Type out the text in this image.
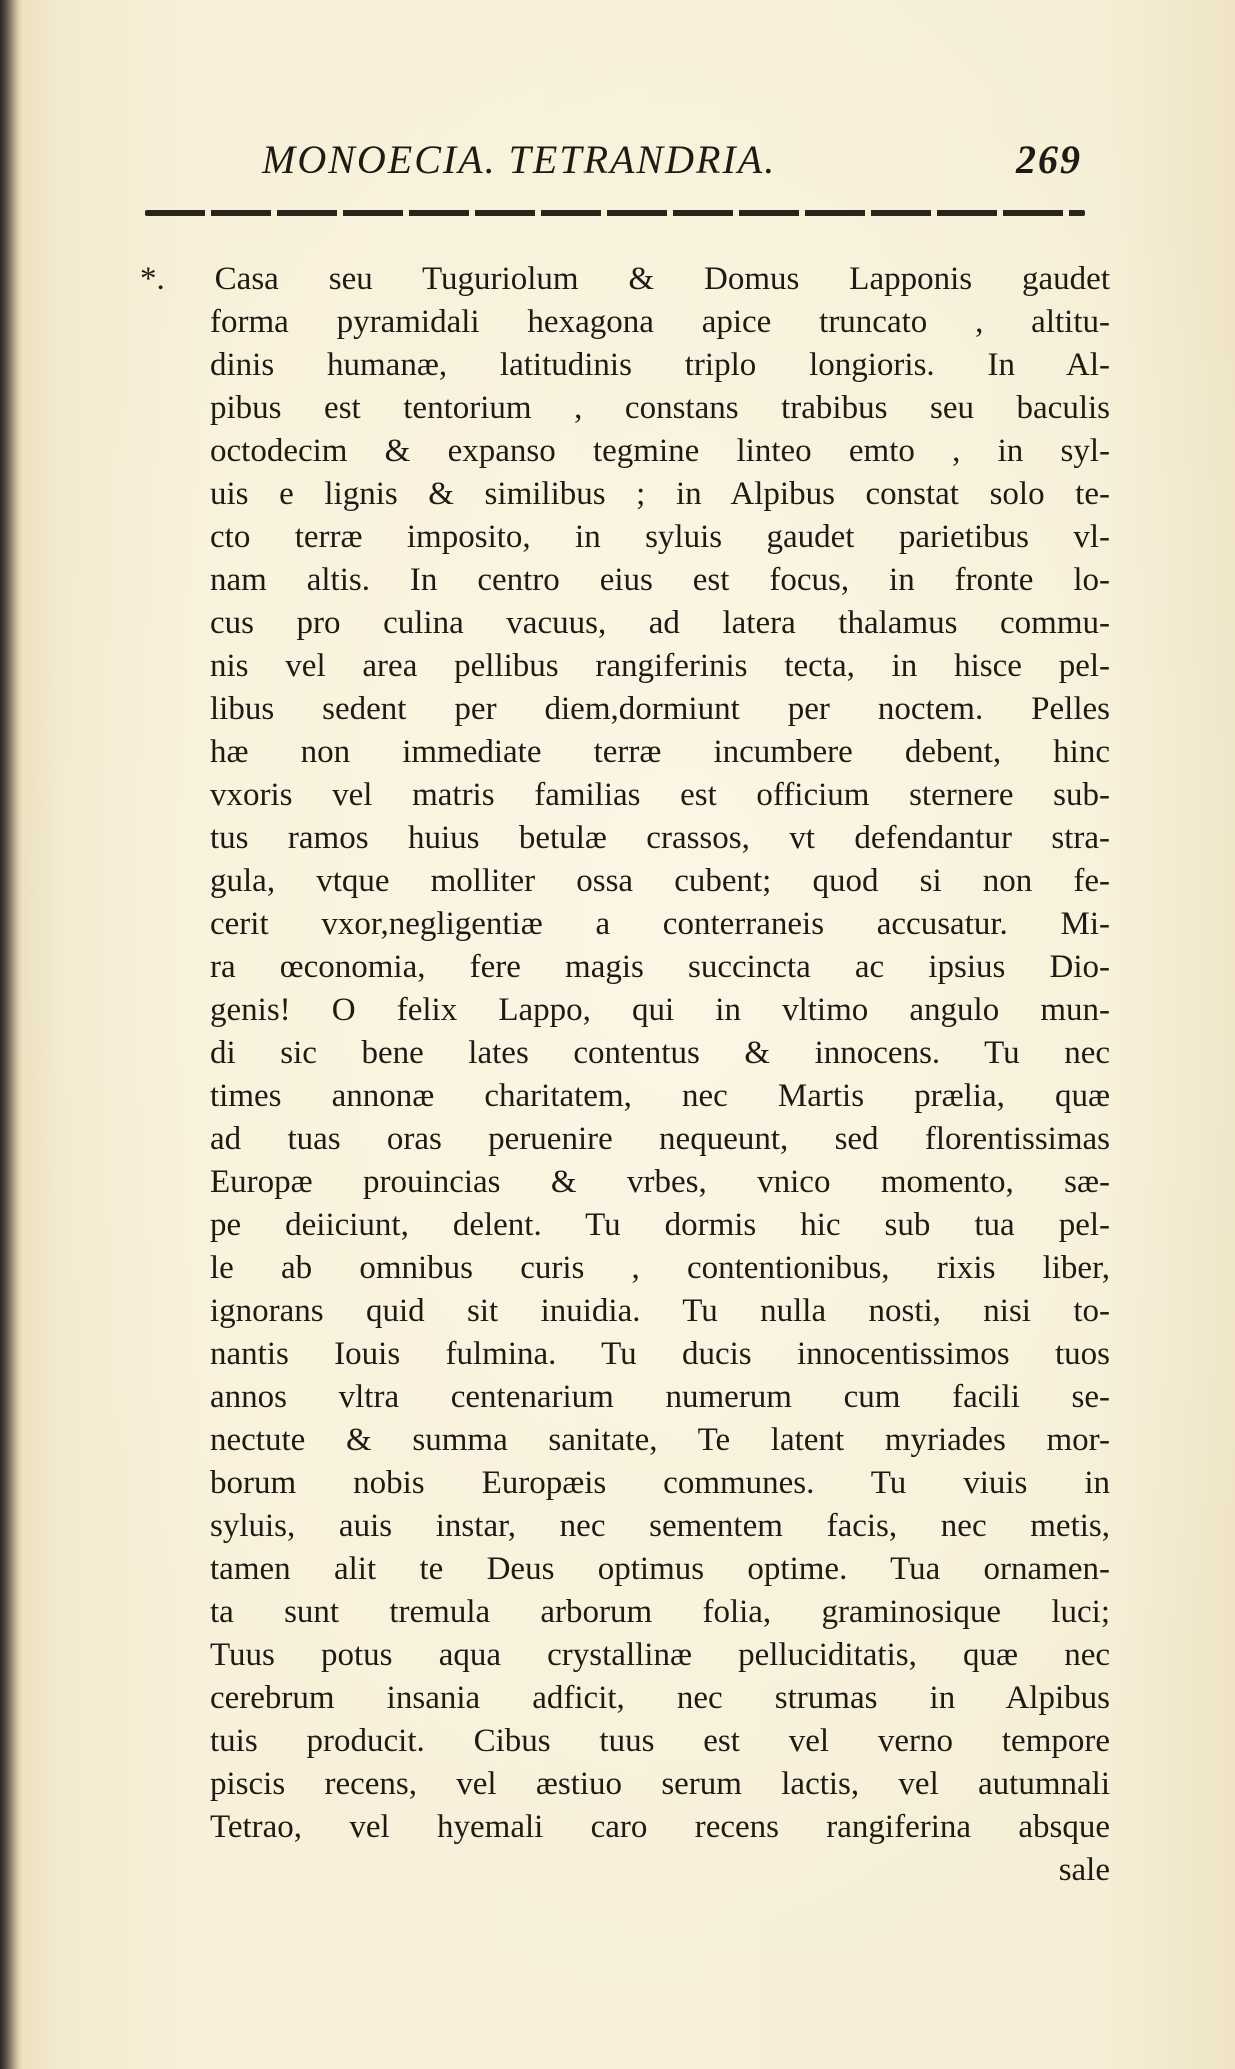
MONOECIA. TETRANDRIA.	269
*. Casa seu Tuguriolum & Domus Lapponis gaudet
forma pyramidali hexagona apice truncato , altitu-
dinis humanæ, latitudinis triplo longioris. In Al-
pibus est tentorium , constans trabibus seu baculis
octodecim & expanso tegmine linteo emto , in syl-
uis e lignis & similibus ; in Alpibus constat solo te-
cto terræ imposito, in syluis gaudet parietibus vl-
nam altis. In centro eius est focus, in fronte lo-
cus pro culina vacuus, ad latera thalamus commu-
nis vel area pellibus rangiferinis tecta, in hisce pel-
libus sedent per diem,dormiunt per noctem. Pelles
hæ non immediate terræ incumbere debent, hinc
vxoris vel matris familias est officium sternere sub-
tus ramos huius betulæ crassos, vt defendantur stra-
gula, vtque molliter ossa cubent; quod si non fe-
cerit vxor,negligentiæ a conterraneis accusatur. Mi-
ra œconomia, fere magis succincta ac ipsius Dio-
genis! O felix Lappo, qui in vltimo angulo mun-
di sic bene lates contentus & innocens. Tu nec
times annonæ charitatem, nec Martis prælia, quæ
ad tuas oras peruenire nequeunt, sed florentissimas
Europæ prouincias & vrbes, vnico momento, sæ-
pe deiiciunt, delent. Tu dormis hic sub tua pel-
le ab omnibus curis , contentionibus, rixis liber,
ignorans quid sit inuidia. Tu nulla nosti, nisi to-
nantis Iouis fulmina. Tu ducis innocentissimos tuos
annos vltra centenarium numerum cum facili se-
nectute & summa sanitate, Te latent myriades mor-
borum nobis Europæis communes. Tu viuis in
syluis, auis instar, nec sementem facis, nec metis,
tamen alit te Deus optimus optime. Tua ornamen-
ta sunt tremula arborum folia, graminosique luci;
Tuus potus aqua crystallinæ pelluciditatis, quæ nec
cerebrum insania adficit, nec strumas in Alpibus
tuis producit. Cibus tuus est vel verno tempore
piscis recens, vel æstiuo serum lactis, vel autumnali
Tetrao, vel hyemali caro recens rangiferina absque
sale
